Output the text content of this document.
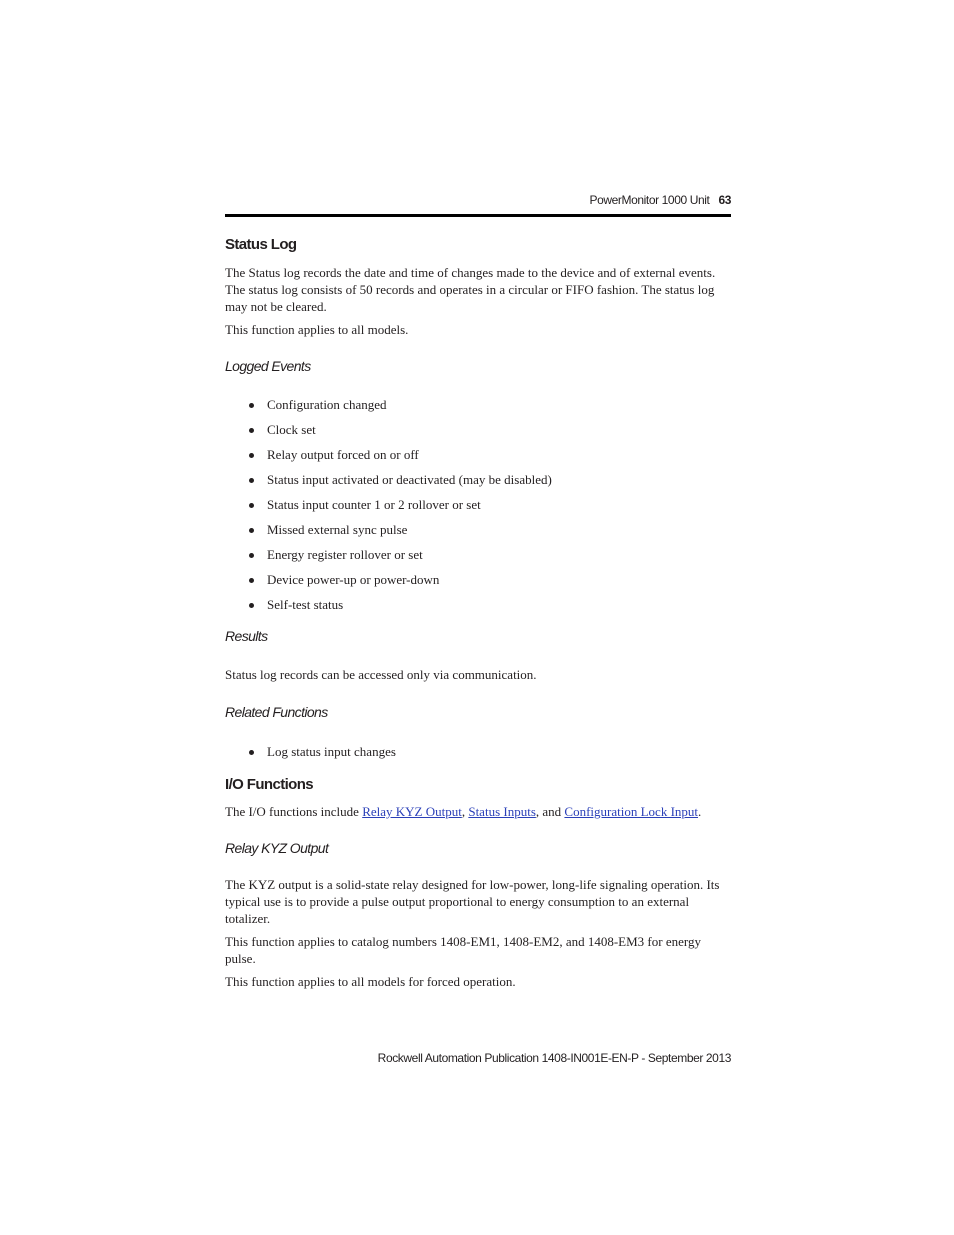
PowerMonitor 1000 Unit 63
Status Log

The Status log records the date and time of changes made to the device and of external events. The status log consists of 50 records and operates in a circular or FIFO fashion. The status log may not be cleared.

This function applies to all models.

Logged Events
Configuration changed
Clock set
Relay output forced on or off
Status input activated or deactivated (may be disabled)
Status input counter 1 or 2 rollover or set
Missed external sync pulse
Energy register rollover or set
Device power-up or power-down
Self-test status
Results

Status log records can be accessed only via communication.

Related Functions
Log status input changes
I/O Functions

The I/O functions include Relay KYZ Output, Status Inputs, and Configuration Lock Input.

Relay KYZ Output

The KYZ output is a solid-state relay designed for low-power, long-life signaling operation. Its typical use is to provide a pulse output proportional to energy consumption to an external totalizer.

This function applies to catalog numbers 1408-EM1, 1408-EM2, and 1408-EM3 for energy pulse.

This function applies to all models for forced operation.

Rockwell Automation Publication 1408-IN001E-EN-P - September 2013
